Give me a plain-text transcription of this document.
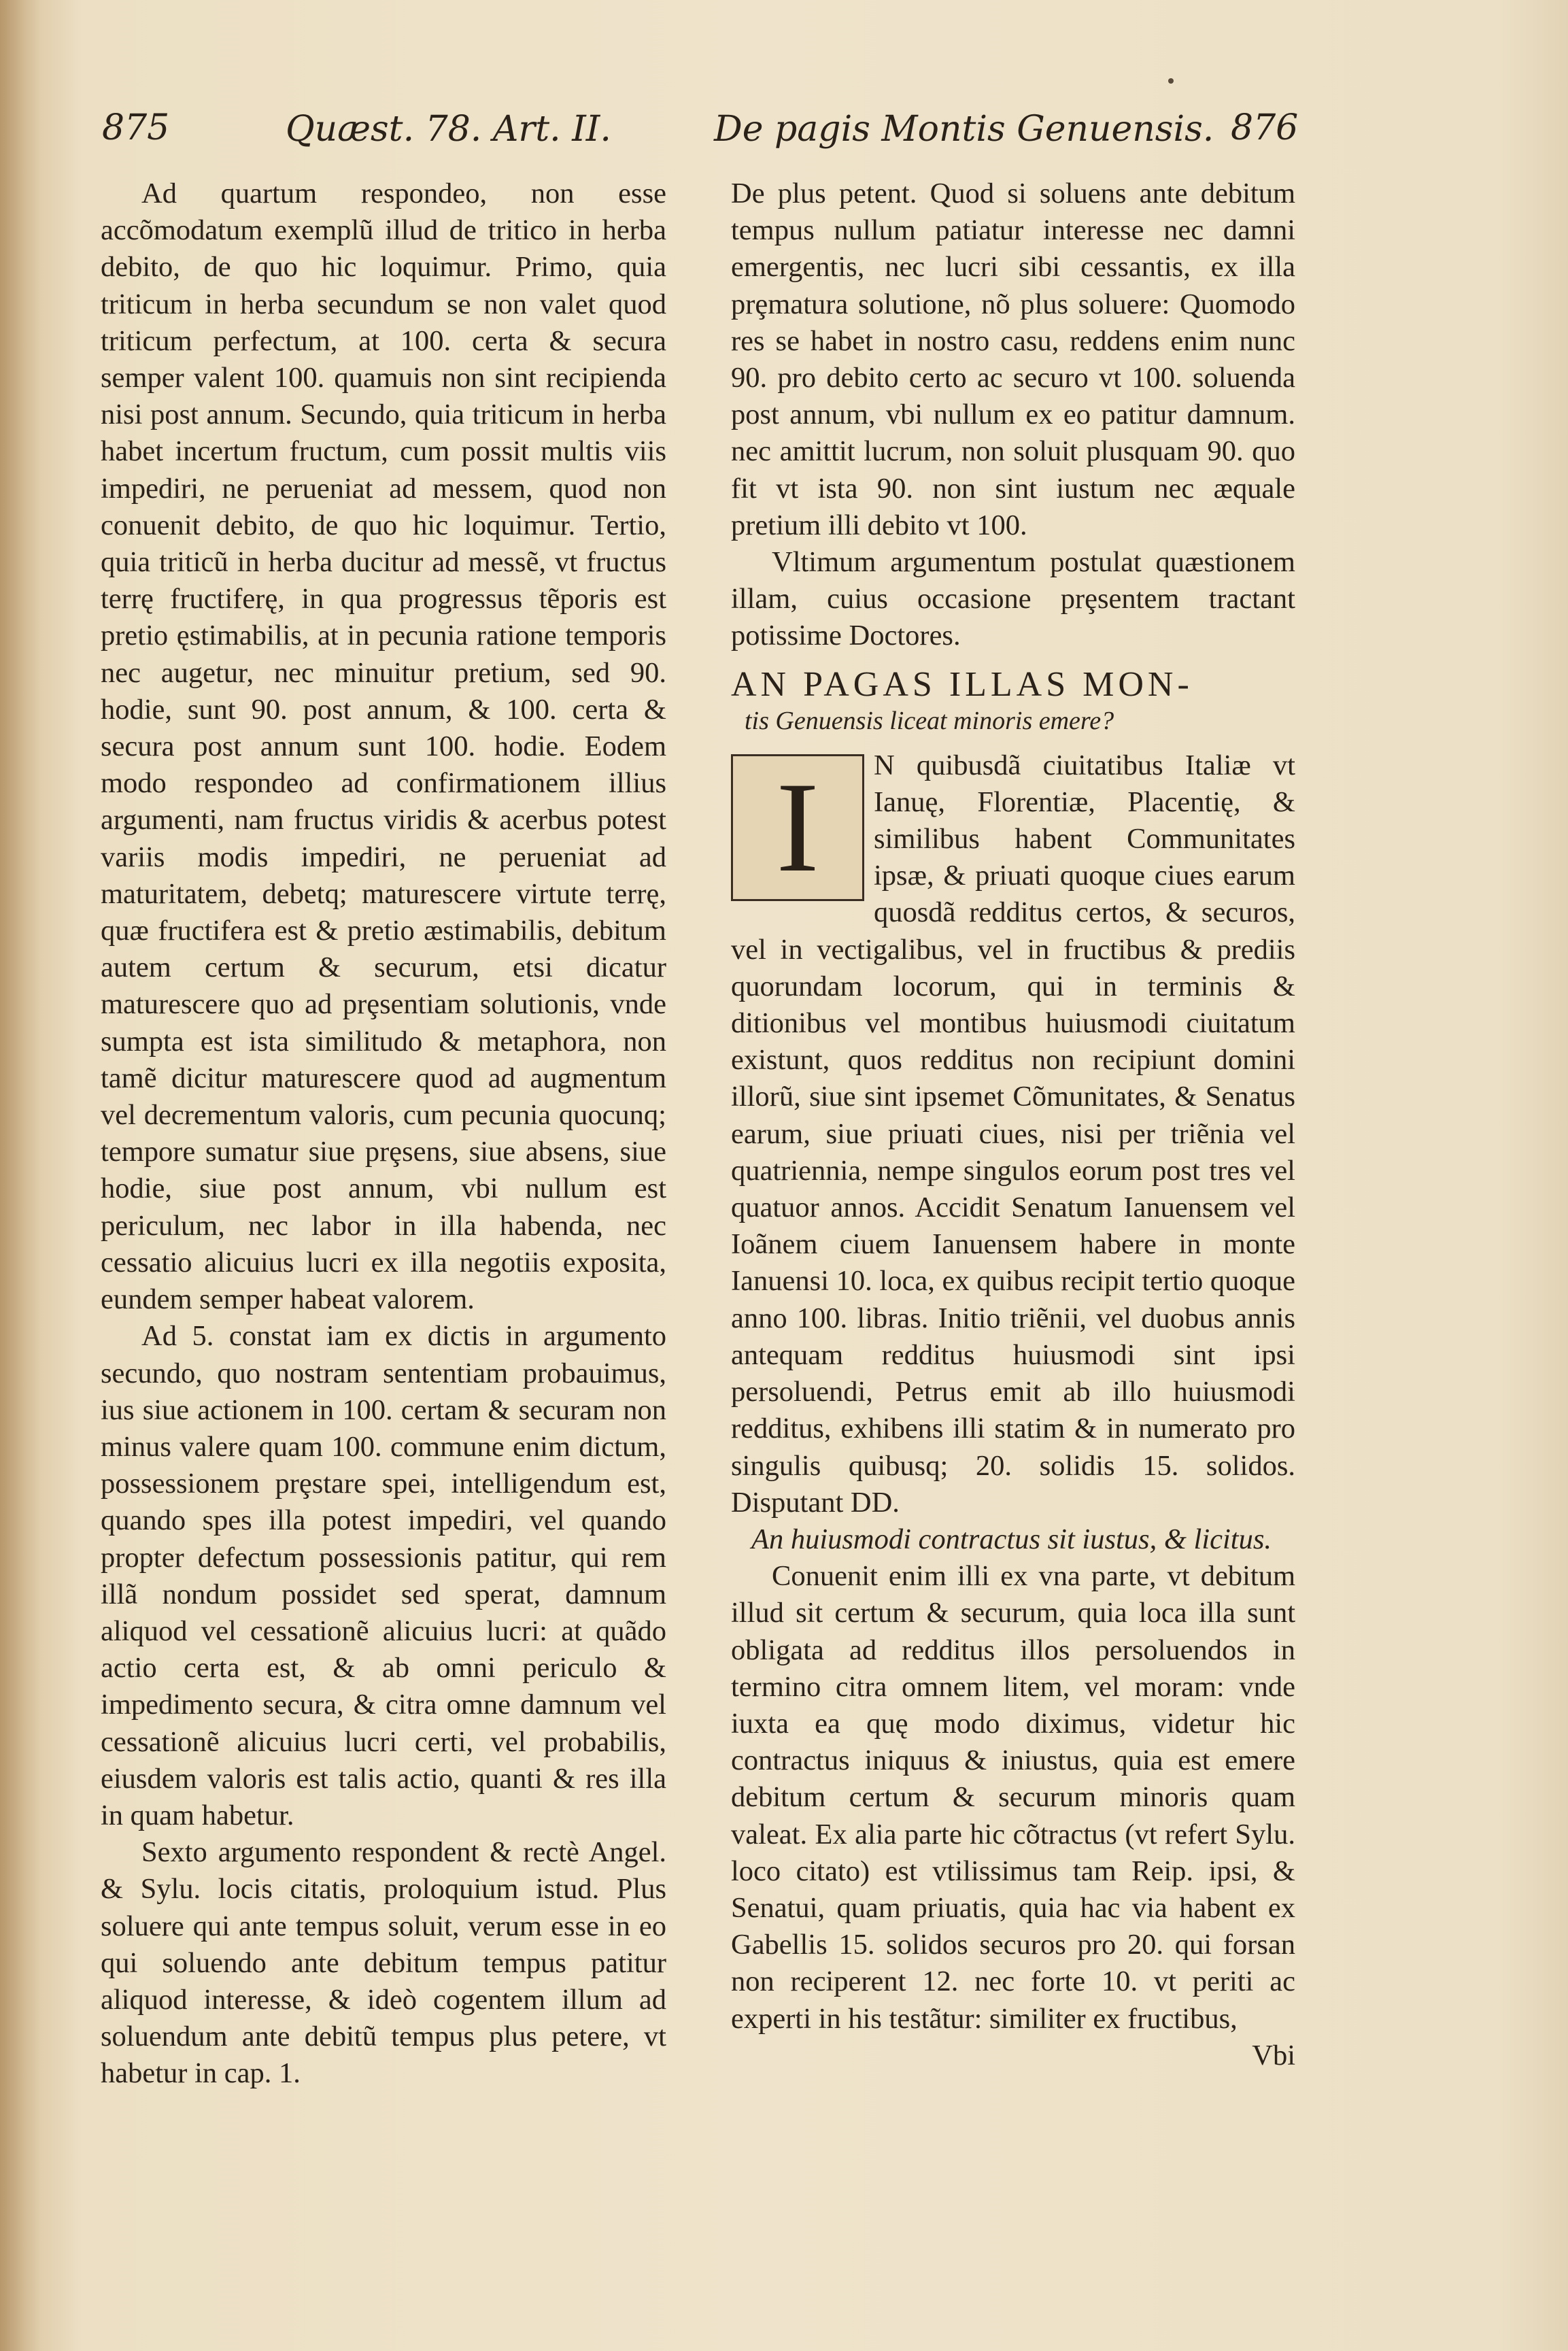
875	Quæst. 78. Art. II.	De pagis Montis Genuensis. 876

Ad quartum respondeo, non esse accõmodatum exemplũ illud de tritico in herba debito, de quo hic loquimur. Primo, quia triticum in herba secundum se non valet quod triticum perfectum, at 100. certa & secura semper valent 100. quamuis non sint recipienda nisi post annum. Secundo, quia triticum in herba habet incertum fructum, cum possit multis viis impediri, ne perueniat ad messem, quod non conuenit debito, de quo hic loquimur. Tertio, quia triticũ in herba ducitur ad messẽ, vt fructus terrę fructiferę, in qua progressus tẽporis est pretio ęstimabilis, at in pecunia ratione temporis nec augetur, nec minuitur pretium, sed 90. hodie, sunt 90. post annum, & 100. certa & secura post annum sunt 100. hodie. Eodem modo respondeo ad confirmationem illius argumenti, nam fructus viridis & acerbus potest variis modis impediri, ne perueniat ad maturitatem, debetq; maturescere virtute terrę, quæ fructifera est & pretio æstimabilis, debitum autem certum & securum, etsi dicatur maturescere quo ad prȩsentiam solutionis, vnde sumpta est ista similitudo & metaphora, non tamẽ dicitur maturescere quod ad augmentum vel decrementum valoris, cum pecunia quocunq; tempore sumatur siue prȩsens, siue absens, siue hodie, siue post annum, vbi nullum est periculum, nec labor in illa habenda, nec cessatio alicuius lucri ex illa negotiis exposita, eundem semper habeat valorem.

Ad 5. constat iam ex dictis in argumento secundo, quo nostram sententiam probauimus, ius siue actionem in 100. certam & securam non minus valere quam 100. commune enim dictum, possessionem prȩstare spei, intelligendum est, quando spes illa potest impediri, vel quando propter defectum possessionis patitur, qui rem illã nondum possidet sed sperat, damnum aliquod vel cessationẽ alicuius lucri: at quãdo actio certa est, & ab omni periculo & impedimento secura, & citra omne damnum vel cessationẽ alicuius lucri certi, vel probabilis, eiusdem valoris est talis actio, quanti & res illa in quam habetur.

Sexto argumento respondent & rectè Angel. & Sylu. locis citatis, proloquium istud. Plus soluere qui ante tempus soluit, verum esse in eo qui soluendo ante debitum tempus patitur aliquod interesse, & ideò cogentem illum ad soluendum ante debitũ tempus plus petere, vt habetur in cap. 1.

De plus petent. Quod si soluens ante debitum tempus nullum patiatur interesse nec damni emergentis, nec lucri sibi cessantis, ex illa prȩmatura solutione, nõ plus soluere: Quomodo res se habet in nostro casu, reddens enim nunc 90. pro debito certo ac securo vt 100. soluenda post annum, vbi nullum ex eo patitur damnum. nec amittit lucrum, non soluit plusquam 90. quo fit vt ista 90. non sint iustum nec æquale pretium illi debito vt 100.

Vltimum argumentum postulat quæstionem illam, cuius occasione prȩsentem tractant potissime Doctores.

AN PAGAS ILLAS MON-

tis Genuensis liceat minoris emere?

I	N quibusdã ciuitatibus Italiæ vt Ianuę, Florentiæ, Placentię, & similibus habent Communitates ipsæ, & priuati quoque ciues earum quosdã redditus certos, & securos, vel in vectigalibus, vel in fructibus & prediis quorundam locorum, qui in terminis & ditionibus vel montibus huiusmodi ciuitatum existunt, quos redditus non recipiunt domini illorũ, siue sint ipsemet Cõmunitates, & Senatus earum, siue priuati ciues, nisi per triẽnia vel quatriennia, nempe singulos eorum post tres vel quatuor annos. Accidit Senatum Ianuensem vel Ioãnem ciuem Ianuensem habere in monte Ianuensi 10. loca, ex quibus recipit tertio quoque anno 100. libras. Initio triẽnii, vel duobus annis antequam redditus huiusmodi sint ipsi persoluendi, Petrus emit ab illo huiusmodi redditus, exhibens illi statim & in numerato pro singulis quibusq; 20. solidis 15. solidos. Disputant DD.

An huiusmodi contractus sit iustus, & licitus.

Conuenit enim illi ex vna parte, vt debitum illud sit certum & securum, quia loca illa sunt obligata ad redditus illos persoluendos in termino citra omnem litem, vel moram: vnde iuxta ea quę modo diximus, videtur hic contractus iniquus & iniustus, quia est emere debitum certum & securum minoris quam valeat. Ex alia parte hic cõtractus (vt refert Sylu. loco citato) est vtilissimus tam Reip. ipsi, & Senatui, quam priuatis, quia hac via habent ex Gabellis 15. solidos securos pro 20. qui forsan non reciperent 12. nec forte 10. vt periti ac experti in his testãtur: similiter ex fructibus,

Vbi
